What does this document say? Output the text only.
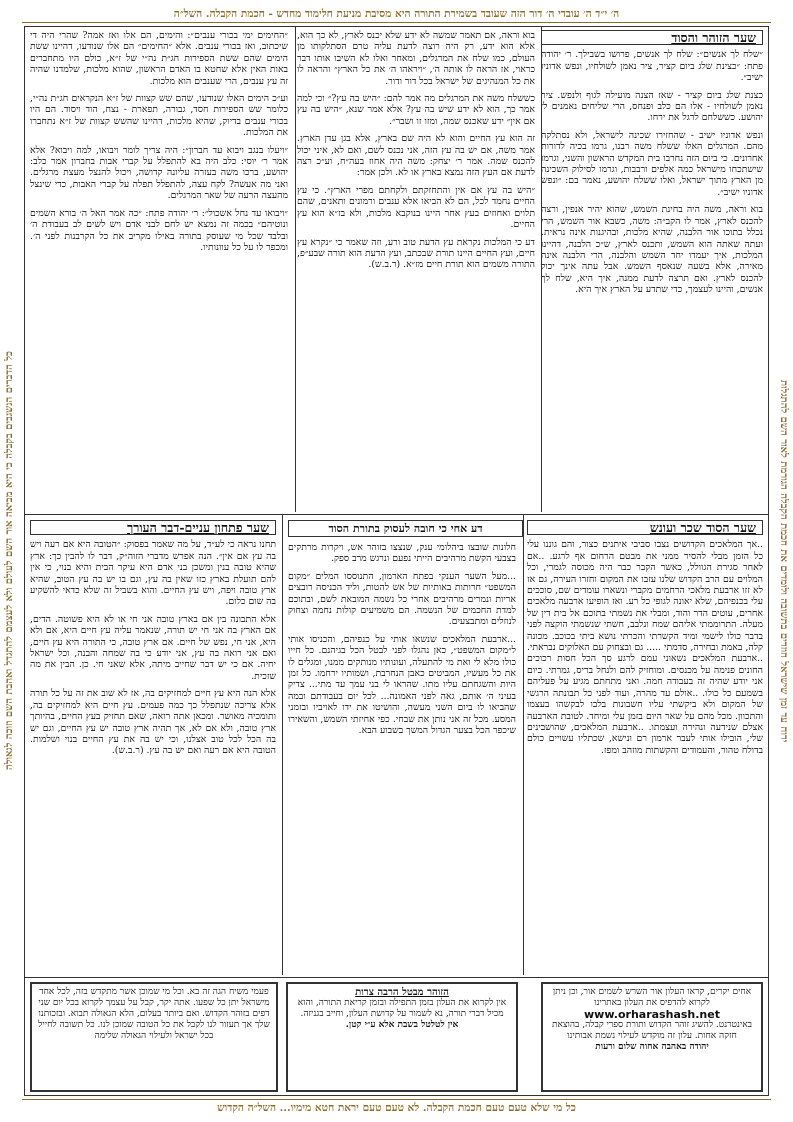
ה׳ י״ד ה׳ עובדי ה׳ דור הזה שעובד בשמירת התורה היא מסיבת מניעת חלימוד מחדש - חכמת הקבלה. השל״ה
ירוח עד זמן שישראל חוזרים בתשובה ולומדים את חכמת הקבלה הגורמת לאור השם להתגלות
כל הדברים הנשגבים בקבלה כי היא מביאה אור השם לעולם ולא לעצמם להתגדל ואהבת השם וזוכה לגאולה
שער הזוהר והסוד

״שלח לך אנשים״: שלח לך אנשים, פרושו בשבילך. ר׳ יהודה פתח: ״כצינת שלג ביום קציר, ציר נאמן לשולחיו, ונפש אדוניו ישיב״.

כצנת שלג ביום קציר - שאז הצנה מועילה לגוף ולנפש. ציר נאמן לשולחיו - אלו הם כלב ופנחס, הרי שליחים נאמנים ל׳ יהושע. כששלחם לרגל את ירחו.

ונפש אדוניו ישיב - שהחזירו שכינה לישראל, ולא נסתלקה מהם. המרגלים האלו ששלח משה רבנו, גרמו בכיה לדורות אחרונים. כי ביום הזה נחרבו בית המקדש הראשון והשני, וגרמו שישתכחו מישראל כמה אלפים ורבבות, וגרמו לסילוק השכינה מן הארץ מתוך ישראל, ואלו ששלח יהושע, נאמר בם: ״ונפש אדוניו ישיב״.

בוא וראה, משה היה בחינת השמש, שהוא יהיר אנפין, ורצה להכנס לארץ, אמר לו הקב״ה: משה, כשבא אור השמש, הרי נכלל בתוכו אור הלבנה, שהיא מלכות, ובהיגנות אינה נראית. ועתה שאתה הוא השמש, ותכנס לארץ, ש״כ הלבנה, דהיינו המלכות, איך יעמדו יחד השמש והלבנה, הרי הלבנה אינה מאירה, אלא בשעה שנאסף השמש. אבל עתה אינך יכול להכנס לארץ. ואם תרצה לדעת ממנה, איך היא, שלח לך אנשים, והיינו לעצמך, כדי שתדע על הארץ איך היא.

בוא וראה, אם תאמר שמשה לא ידע שלא יכנס לארץ, לא כך הוא, אלא הוא ידע, רק היה רוצה לדעת עליה טרם הסתלקותו מן העולם, כמו שלח את המרגלים, ומאחר ואלו לא השיבו אותו דבר כראוי, אז הראה לו אותה ה׳, ״ויראהו ה׳ את כל הארץ״ והראה לו את כל המנהיגים של ישראל בכל דור ודור.

כששלח משה את המרגלים מה אמר להם: ״היש בה עץ?״ וכי למה אמר כך, הוא לא ידע שיש בה עץ? אלא אמר שנא, ״היש בה עץ אם אין״ ידע שאכנס שמה, ומזו זו ושבר״.

זה הוא עץ החיים והוא לא היה שם בארץ, אלא בגן עדן הארץ. אמר משה, אם יש בה עץ הזה, אני נכנס לשם, ואם לא, איני יכול להכנס שמה. אמר ר׳ יצחק: משה היה אחוז בעה״ח, וע״כ רצה לדעת אם העץ הזה נמצא בארץ או לא. ולכן אמר:

״היש בה עץ אם אין והתחזקתם ולקחתם מפרי הארץ״. כי עץ החיים נחמד לכל, הם לא הביאו אלא ענבים ורמונים ותאנים, שהם תלוים ואחוזים בעץ אחר היינו בנוקבא מלכות, ולא בז״א הוא עץ החיים.

דע כי המלכות נקראת עץ הדעת טוב ורע, וזה שאמר כי ״נקרא עץ חיים, ועץ החיים היינו תורת שבכתב, ועץ הדעת הוא תורה שבע״פ, התורה משמים הוא תורת חיים מז״א. (ר.ב.ש).

״החימים ימי בכורי ענבים״: והימים, הם אלו ואז אמה? שהרי היה די שיכתוב, ואז בכורי ענבים. אלא ״החימים״ הם אלו שנודעו, דהיינו ששת הימים שהם ששת הספירות חג״ת נה״י של ז״א, כולם היו מתחברים באות האין אלא שחטא בו האדם הראשון, שהוא מלכות, שלמדנו שהיה זה עץ ענבים, הרי שענבים הוא מלכות.

וע״כ הימים האלו שנודעו, שהם שש קצוות של ז״א הנקראים חג״ת נה״י, כלומר שש הספירות חסד, גבורה, תפארת - נצח, הוד ויסוד. הם היו בכורי ענבים בדיוק, שהיא מלכות, דהיינו שהשש קצוות של ז״א נתחברו את המלכות.

״ויעלו בנגב ויבוא עד חברון״: היה צריך לומר ויבואו, למה ויבוא? אלא אמר ר׳ יוסי: כלב היה בא להתפלל על קברי אבות בחברון אמר כלב: יהושע, ברכו משה בעזרה עליונה קדושה, ויכול להנצל מעצת מרגלים. ואני מה אעשה? לקח עצה, להתפלל תפלה על קברי האבות, כדי שינצל מהעצה הרעה של שאר המרגלים.

״ויבואו עד נחל אשכול״: ר׳ יהודה פתח: ״כה אמר האל ה׳ בורא השמים ונוטיהם״ בכמה זה נמצא יש לחם לבני אדם ויש לשים לב בעבודת ה׳ ובלבד שכל מי שעוסק בתורה באילו מקריב את כל הקרבנות לפני ה׳. ומכפר לו על כל עוונותיו.

דע אחי כי חובה לעסוק בתורת הסוד	שער הסוד שכר ועונש

..אך המלאכים הקדושים נצבו סביבי איתנים כצור, והם גוננו עלי כל הזמן מבלי להסיר ממני את מבטם הרחום אף לרגע. ..אם לאחר סגירת הגוולל, כאשר הקבר כבר היה מכוסה לגמרי, וכל המלוים עם הרב הקדוש שלנו עזבו את המקום וחזרו העירה, גם אז לא זזו ארבעת מלאכי הרחמים מקברי ונשארו עומדים שם, סוככים עלי בכנפיהם, שלא יאונה לגופי כל רע. ואז הופיעו ארבעה מלאכים אחרים, עוטים הדר והוד, ומבלי את נשמתי בתוכם אל בית דין של מעלה. התרוממתי אליהם שמח ונלבב, חשתי שנשמתי הוקצה לפני בדבר כולו לישמי ומיד הקשרתי והכרתי נושא ביתי בכוכב. מכונה קלה, באמת ובחירה, סדמתי ..... גם ובצחוק עם האלוקים נבראתי. ..ארבעת המלאכים נשאוני עמם לרגע סך הכל חסות רכוכים החונים פנימה על מכנסים. ומוחזיק להם ולנחל בריס, גמרתי. כיום אני יודע שהיה זה בעבודה חמה. ואני מתחתם מגיע על פעליהם בשמעם כל כולו. ..אולם עד מהרה, ועוד לפני כל תבונתה הרגשי של המקום ולא ביקשתי עליו חשבונות בלבו לבקשהו בעצמו והתכוון. מכל מהם על שאר היום בזמן עלי ומיחד. לטובת הארבעה אצלם שנידעה ונהירה ועצמתו. ..ארבעת המלאכים, שהושבינים שלי, הובילו אותי לעבר ארמון רם ונישא, שכתליו עשויים כולם בדולח טהור, והעמודים והקשתות מוזהב ומפז.

חלונות שובצו ביהלומי ענק, שנצצו בזוהר אש, ויקרות מרתקים בצבעי הקשת מרהיבים הייתי נפעם ונרגש מרב ספק.

...מעל השער הענקי בפתח הארמון, התנוססו המלים ״מקום המשפט״ חרותות באותיות של אש להטות, וליד הכניסה רובצים אריות ונמרים מרהיבים אחרי כל נשמה המובאת לשם, ובתוכם למדת החכמים של הנשמה. הם משמיעים קולות נחמה וצחוק לנוזלים ומתבצעים.

...ארבעת המלאכים שנשאו אותי על כנפיהם, והכניסו אותי ל״מקום המשפט״, כאן נהגלו לפני לבטל הכל בגיהנם. כל חייו כולו מלא לי ואת מי להתעלה, ועונותיו מנותקים ממנו, ומגלים לו את כל מעשיו, המביטים כאבן הנחרבת, ושמותיו ירחמו. כל זמן היות והשגחתם עליו מתו. שהראו לי בני עמך עד מתי... צדיק בעיני ה׳ אותם, גאה לפני האמונה... לכל יום בעבודתם ובמה שהביאו לו ביום השני מעשה, והושיטו את ידו לאויביו ובזמני המסע. מכל זה אני נותן את שבחי. כפי אחיזתי השמש, והשאירו שיכפר הכל בצער הגדול המשך בשבוע הבא.

שער פתחון עניים-דבר העורך

תחנו נראה כי לע״ד, על מה שאמר בפסוק: ״הטובה היא אם רעה ויש בה עץ אם אין״. הנה אפרש מדברי הזוה״ק, דבר לו להבין כך: ארץ שהיא טובה בנין ומשכן בני אדם היא עיקר הבית והיא בנוי, כי אין להם תועלת בארץ כזו שאין בה עץ, וגם בו יש בה עץ הטוב, שהיא ארץ טובה ויפה, ויש עץ החיים. והוא בשביל זה שלא כדאי להשקיע בה שום כלום.

אלא התבונה בין אם בארץ טובה אני חי או לא היא פשוטה. הדים, אם הארץ בה אני חי יש תורה, שנאמר עליה עץ חיים היא, אם ולא היא, אני חי, נפש של חיים. אם ארץ טובה, כי התורה היא עץ חיים, ואם אני רואה בה עץ, אני יודע כי בה שמחה והבנה, וכל ישראל יחיה. אם כי יש דבר שחייב מיתה, אלא שאני חי. כן. הבין את מה שזכית.

אלא הנה היא עץ חיים למחזיקים בה, אז לא שוב את זה על כל תורה אלא צריכה שנתפלל כך כמה פעמים. עץ חיים היא למחזיקים בה, ותומכיה מאושר. ומכאן אתה רואה, שאם תחזיק בעץ החיים, בהיותך ארץ טובה, ולא אם לא, אך תהיה ארץ טובה יש עץ החיים, וגם יש בה הכל לכל טוב אצלנו, וכי יש בה את עץ החיים בנוי ושלמות. הטובה היא אם רעה ואם יש בה עץ. (ר.ב.ש).

אחים יקרים, קראו העלון אור השרש לשמים אור, וכן ניתן לקרוא להדפיס את העלון באתרינו
www.orharashash.net
באינטרנט. להשיג זוהר הקדוש ותורת ספרי קבלה, בהוצאת חזקה אחות. עלון זה מוקדש לעילוי נשמת אבותינו
יהודה באהבה אחוה שלום ורעות
הזוהר מבטל הרבה צרות
אין לקרוא את העלון בזמן התפילה ובזמן קריאת התורה, והוא מכיל דברי תורה, נא לשמור על קדושת העלון, וחייב בגניזה.
אין לטלטל בשבת אלא ע״י קטן.
פעמי משיח הגה זה בא. וכל מי שמוכן אשר מתקדש בזה, לכל אחד מישראל יתן כל שפעו. אתה יקר, קבל על עצמך לקרוא בכל יום שני דפים בזוהר הקדוש. ואם ביותר בעלום, הלא הגאולה תבוא. ובזכותנו שלך אך תעזור לנו לקבל את כל הטובה שמוכן לנו. כל תשובה לחייל בכל ישראל ולעילוי הגאולה שלימה
כל מי שלא טעם טעם חכמת הקבלה. לא טעם טעם יראת חטא מימיו... השל״ה הקדוש
